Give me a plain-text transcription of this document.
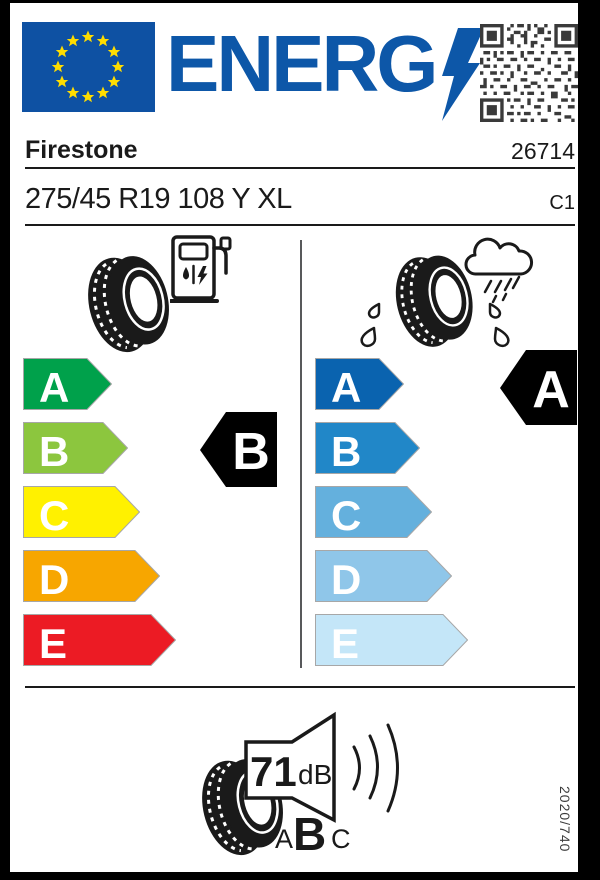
ENERG
Firestone	26714
275/45 R19 108 Y XL	C1
A
B
C
D
E
B
A
B
C
D
E
A
71 dB
A B C	2020/740
